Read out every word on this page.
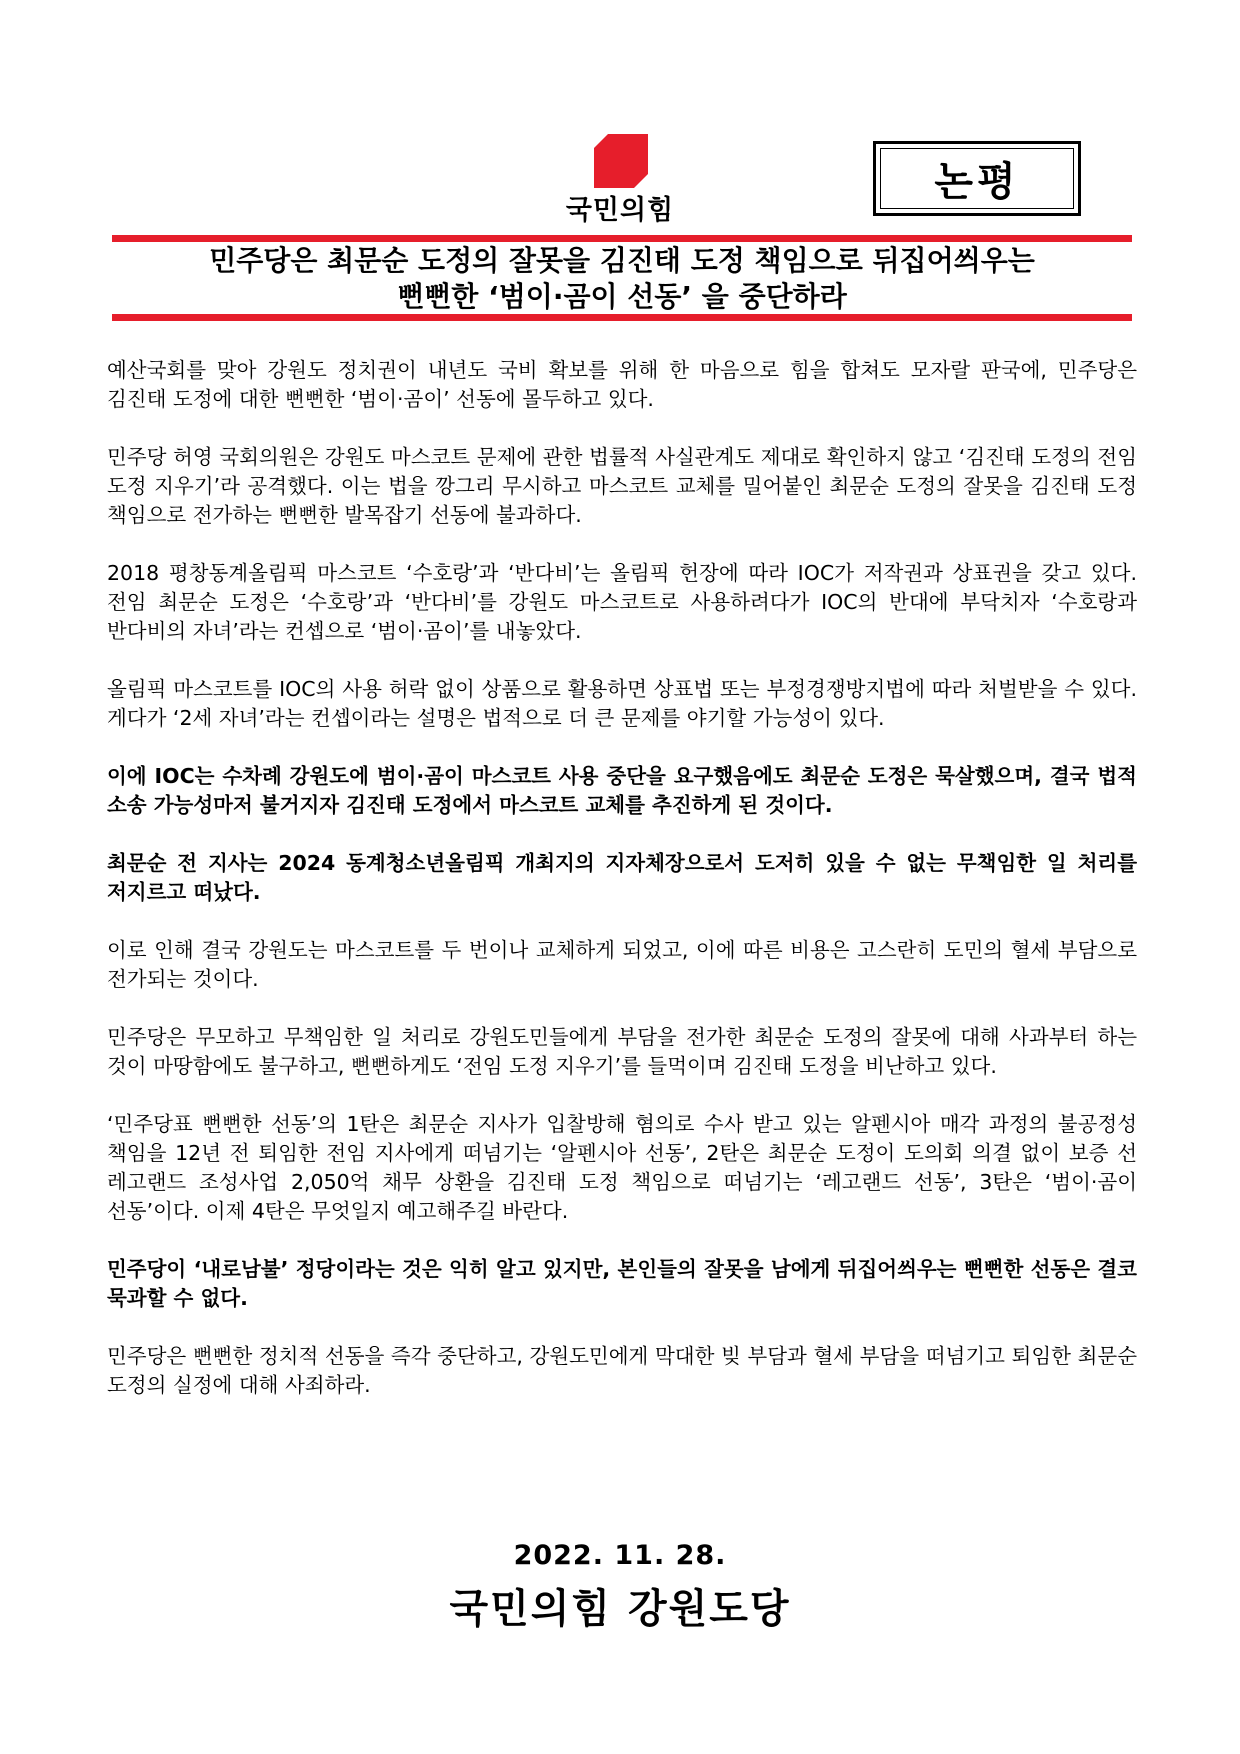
국민의힘
논평
민주당은 최문순 도정의 잘못을 김진태 도정 책임으로 뒤집어씌우는
뻔뻔한 ‘범이·곰이 선동’ 을 중단하라

예산국회를 맞아 강원도 정치권이 내년도 국비 확보를 위해 한 마음으로 힘을 합쳐도 모자랄 판국에, 민주당은 김진태 도정에 대한 뻔뻔한 ‘범이·곰이’ 선동에 몰두하고 있다.

민주당 허영 국회의원은 강원도 마스코트 문제에 관한 법률적 사실관계도 제대로 확인하지 않고 ‘김진태 도정의 전임 도정 지우기’라 공격했다. 이는 법을 깡그리 무시하고 마스코트 교체를 밀어붙인 최문순 도정의 잘못을 김진태 도정 책임으로 전가하는 뻔뻔한 발목잡기 선동에 불과하다.

2018 평창동계올림픽 마스코트 ‘수호랑’과 ‘반다비’는 올림픽 헌장에 따라 IOC가 저작권과 상표권을 갖고 있다. 전임 최문순 도정은 ‘수호랑’과 ‘반다비’를 강원도 마스코트로 사용하려다가 IOC의 반대에 부닥치자 ‘수호랑과 반다비의 자녀’라는 컨셉으로 ‘범이·곰이’를 내놓았다.

올림픽 마스코트를 IOC의 사용 허락 없이 상품으로 활용하면 상표법 또는 부정경쟁방지법에 따라 처벌받을 수 있다. 게다가 ‘2세 자녀’라는 컨셉이라는 설명은 법적으로 더 큰 문제를 야기할 가능성이 있다.

이에 IOC는 수차례 강원도에 범이·곰이 마스코트 사용 중단을 요구했음에도 최문순 도정은 묵살했으며, 결국 법적 소송 가능성마저 불거지자 김진태 도정에서 마스코트 교체를 추진하게 된 것이다.

최문순 전 지사는 2024 동계청소년올림픽 개최지의 지자체장으로서 도저히 있을 수 없는 무책임한 일 처리를 저지르고 떠났다.

이로 인해 결국 강원도는 마스코트를 두 번이나 교체하게 되었고, 이에 따른 비용은 고스란히 도민의 혈세 부담으로 전가되는 것이다.

민주당은 무모하고 무책임한 일 처리로 강원도민들에게 부담을 전가한 최문순 도정의 잘못에 대해 사과부터 하는 것이 마땅함에도 불구하고, 뻔뻔하게도 ‘전임 도정 지우기’를 들먹이며 김진태 도정을 비난하고 있다.

‘민주당표 뻔뻔한 선동’의 1탄은 최문순 지사가 입찰방해 혐의로 수사 받고 있는 알펜시아 매각 과정의 불공정성 책임을 12년 전 퇴임한 전임 지사에게 떠넘기는 ‘알펜시아 선동’, 2탄은 최문순 도정이 도의회 의결 없이 보증 선 레고랜드 조성사업 2,050억 채무 상환을 김진태 도정 책임으로 떠넘기는 ‘레고랜드 선동’, 3탄은 ‘범이·곰이 선동’이다. 이제 4탄은 무엇일지 예고해주길 바란다.

민주당이 ‘내로남불’ 정당이라는 것은 익히 알고 있지만, 본인들의 잘못을 남에게 뒤집어씌우는 뻔뻔한 선동은 결코 묵과할 수 없다.

민주당은 뻔뻔한 정치적 선동을 즉각 중단하고, 강원도민에게 막대한 빚 부담과 혈세 부담을 떠넘기고 퇴임한 최문순 도정의 실정에 대해 사죄하라.

2022. 11. 28.
국민의힘 강원도당
